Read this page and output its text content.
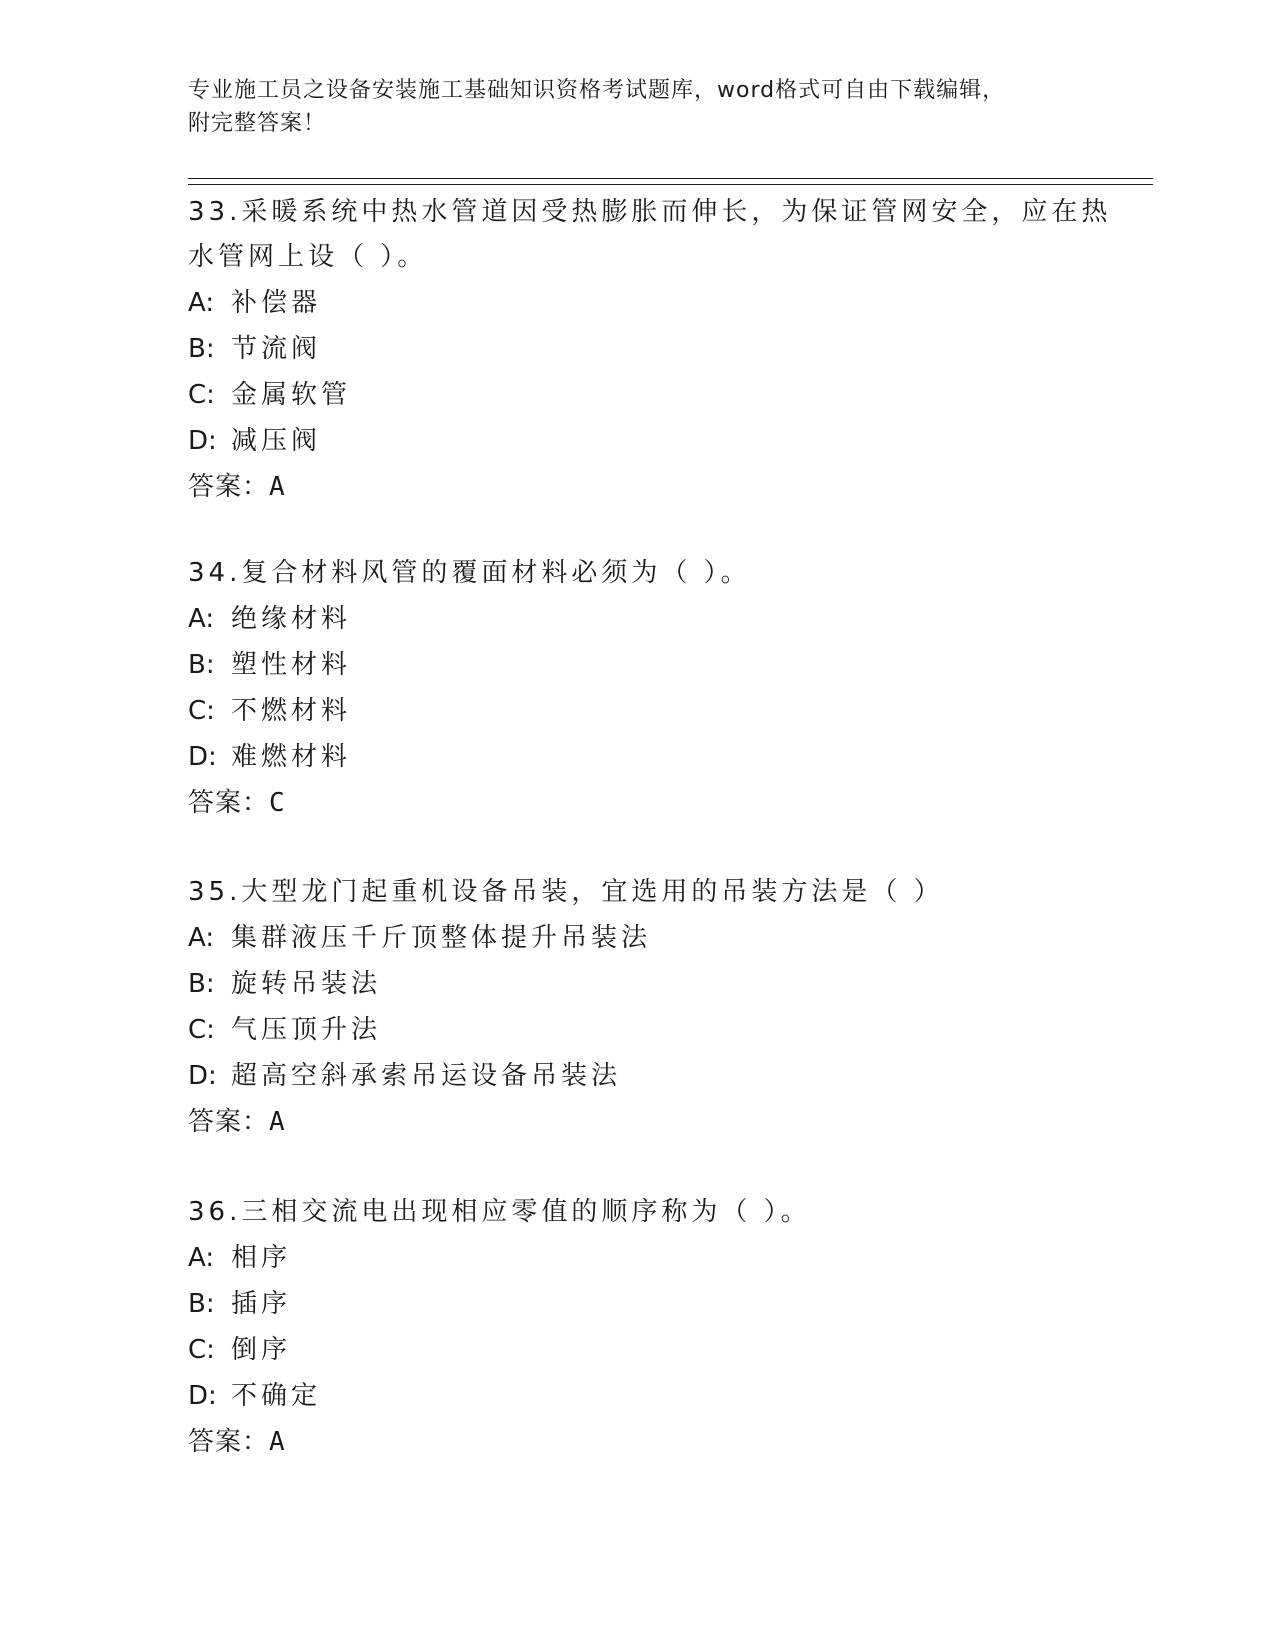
专业施工员之设备安装施工基础知识资格考试题库，word格式可自由下载编辑，
附完整答案！
33.采暖系统中热水管道因受热膨胀而伸长，为保证管网安全，应在热
水管网上设（ ）。
A: 补偿器
B: 节流阀
C: 金属软管
D: 减压阀
答案：A
34.复合材料风管的覆面材料必须为（ ）。
A: 绝缘材料
B: 塑性材料
C: 不燃材料
D: 难燃材料
答案：C
35.大型龙门起重机设备吊装，宜选用的吊装方法是（ ）
A: 集群液压千斤顶整体提升吊装法
B: 旋转吊装法
C: 气压顶升法
D: 超高空斜承索吊运设备吊装法
答案：A
36.三相交流电出现相应零值的顺序称为（ ）。
A: 相序
B: 插序
C: 倒序
D: 不确定
答案：A
